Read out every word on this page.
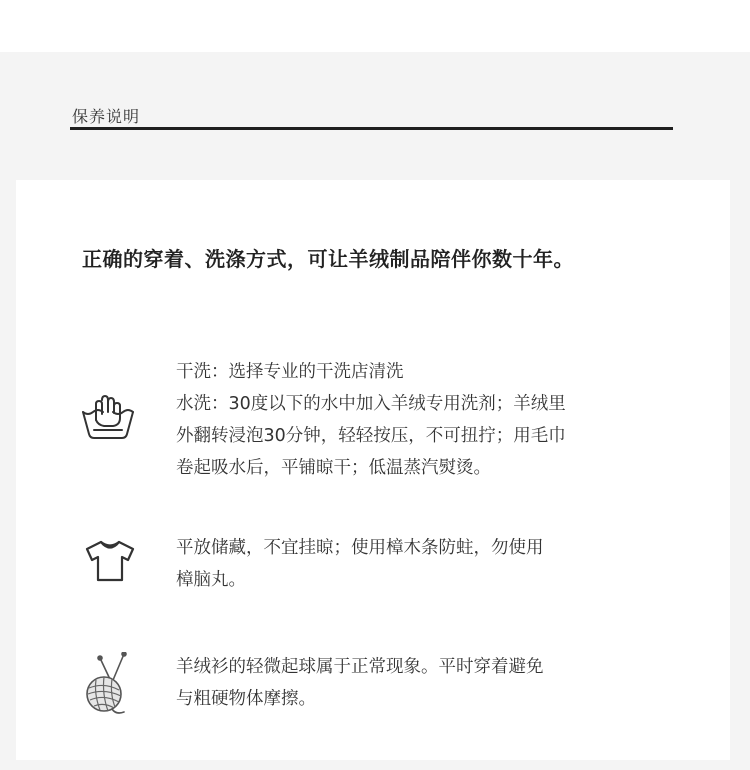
保养说明
正确的穿着、洗涤方式，可让羊绒制品陪伴你数十年。
干洗：选择专业的干洗店清洗
水洗：30度以下的水中加入羊绒专用洗剂；羊绒里
外翻转浸泡30分钟，轻轻按压，不可扭拧；用毛巾
卷起吸水后，平铺晾干；低温蒸汽熨烫。
平放储藏，不宜挂晾；使用樟木条防蛀，勿使用
樟脑丸。
羊绒衫的轻微起球属于正常现象。平时穿着避免
与粗硬物体摩擦。
